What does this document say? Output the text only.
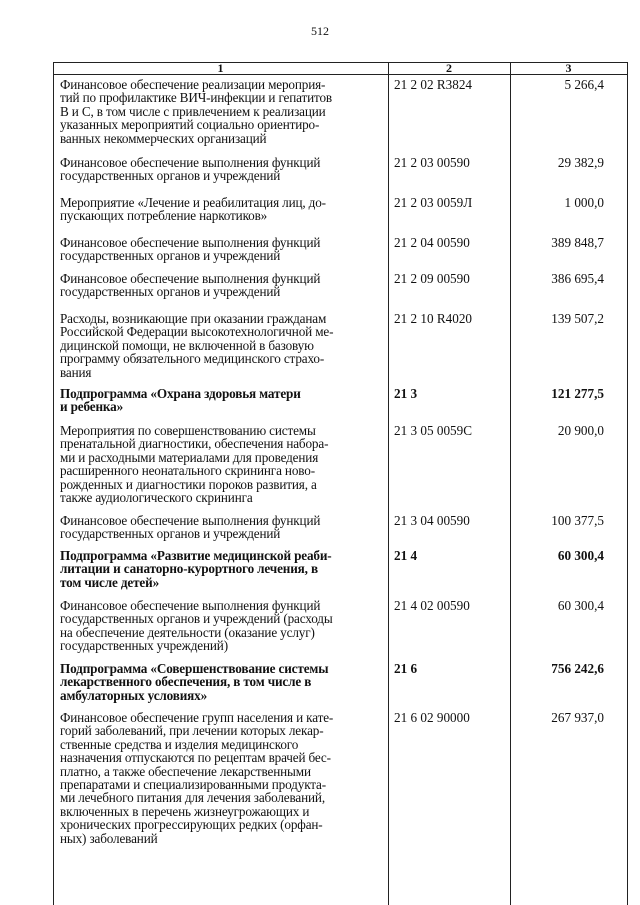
512
1	2	3
Финансовое обеспечение реализации мероприя-
тий по профилактике ВИЧ-инфекции и гепатитов
В и С, в том числе с привлечением к реализации
указанных мероприятий социально ориентиро-
ванных некоммерческих организаций
21 2 02 R3824	5 266,4
Финансовое обеспечение выполнения функций
государственных органов и учреждений
21 2 03 00590	29 382,9
Мероприятие «Лечение и реабилитация лиц, до-
пускающих потребление наркотиков»
21 2 03 0059Л	1 000,0
Финансовое обеспечение выполнения функций
государственных органов и учреждений
21 2 04 00590	389 848,7
Финансовое обеспечение выполнения функций
государственных органов и учреждений
21 2 09 00590	386 695,4
Расходы, возникающие при оказании гражданам
Российской Федерации высокотехнологичной ме-
дицинской помощи, не включенной в базовую
программу обязательного медицинского страхо-
вания
21 2 10 R4020	139 507,2
Подпрограмма «Охрана здоровья матери
и ребенка»
21 3	121 277,5
Мероприятия по совершенствованию системы
пренатальной диагностики, обеспечения набора-
ми и расходными материалами для проведения
расширенного неонатального скрининга ново-
рожденных и диагностики пороков развития, а
также аудиологического скрининга
21 3 05 0059С	20 900,0
Финансовое обеспечение выполнения функций
государственных органов и учреждений
21 3 04 00590	100 377,5
Подпрограмма «Развитие медицинской реаби-
литации и санаторно-курортного лечения, в
том числе детей»
21 4	60 300,4
Финансовое обеспечение выполнения функций
государственных органов и учреждений (расходы
на обеспечение деятельности (оказание услуг)
государственных учреждений)
21 4 02 00590	60 300,4
Подпрограмма «Совершенствование системы
лекарственного обеспечения, в том числе в
амбулаторных условиях»
21 6	756 242,6
Финансовое обеспечение групп населения и кате-
горий заболеваний, при лечении которых лекар-
ственные средства и изделия медицинского
назначения отпускаются по рецептам врачей бес-
платно, а также обеспечение лекарственными
препаратами и специализированными продукта-
ми лечебного питания для лечения заболеваний,
включенных в перечень жизнеугрожающих и
хронических прогрессирующих редких (орфан-
ных) заболеваний
21 6 02 90000	267 937,0
